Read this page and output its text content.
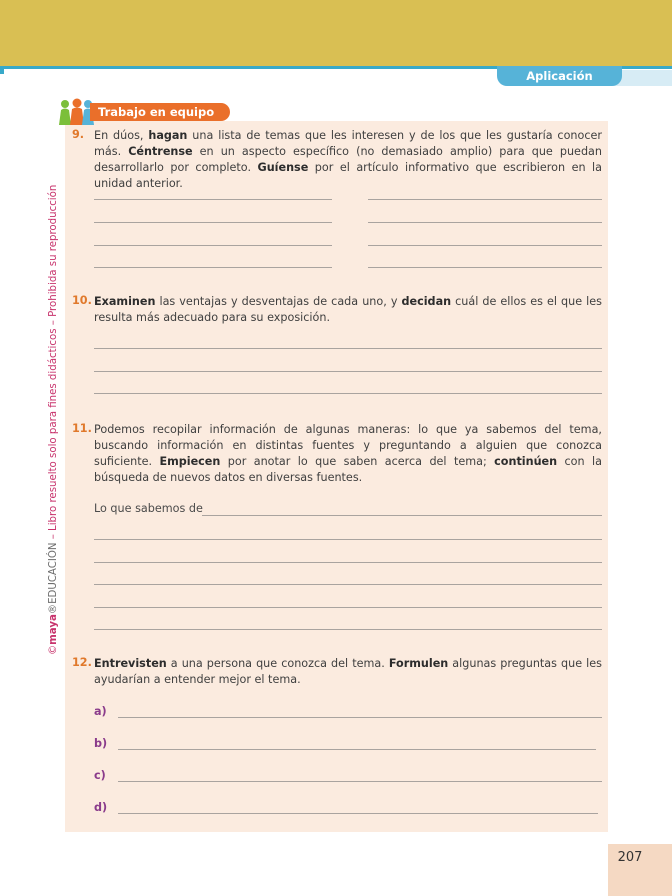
Aplicación
©maya®EDUCACIÓN – Libro resuelto solo para fines didácticos – Prohibida su reproducción
Trabajo en equipo
9. En dúos, hagan una lista de temas que les interesen y de los que les gustaría conocer más. Céntrense en un aspecto específico (no demasiado amplio) para que puedan desarrollarlo por completo. Guíense por el artículo informativo que escribieron en la unidad anterior.
10. Examinen las ventajas y desventajas de cada uno, y decidan cuál de ellos es el que les resulta más adecuado para su exposición.
11. Podemos recopilar información de algunas maneras: lo que ya sabemos del tema, buscando información en distintas fuentes y preguntando a alguien que conozca suficiente. Empiecen por anotar lo que saben acerca del tema; continúen con la búsqueda de nuevos datos en diversas fuentes.
Lo que sabemos de
12. Entrevisten a una persona que conozca del tema. Formulen algunas preguntas que les ayudarían a entender mejor el tema.
a)
b)
c)
d)
207
